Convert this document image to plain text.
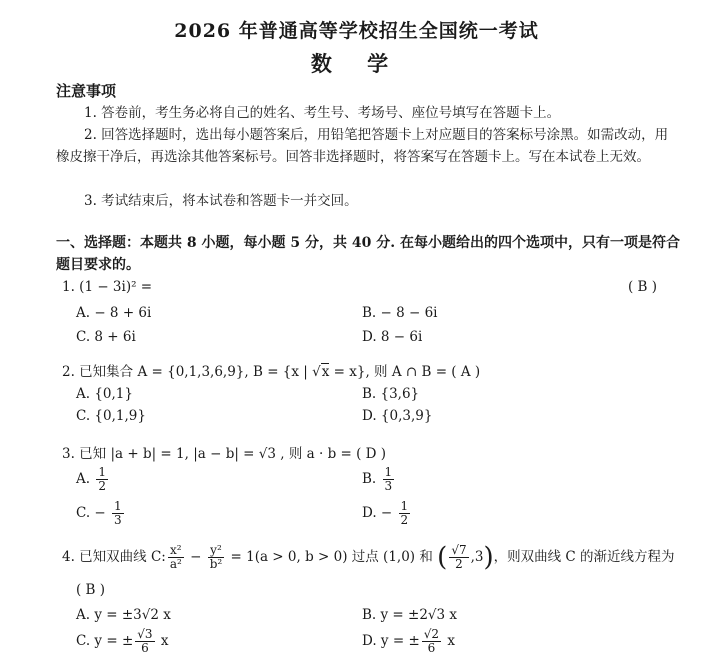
2026 年普通高等学校招生全国统一考试
数 学
注意事项
1. 答卷前，考生务必将自己的姓名、考生号、考场号、座位号填写在答题卡上。
2. 回答选择题时，选出每小题答案后，用铅笔把答题卡上对应题目的答案标号涂黑。如需改动，用橡皮擦干净后，再选涂其他答案标号。回答非选择题时，将答案写在答题卡上。写在本试卷上无效。
3. 考试结束后，将本试卷和答题卡一并交回。
一、选择题：本题共 8 小题，每小题 5 分，共 40 分. 在每小题给出的四个选项中，只有一项是符合题目要求的。
1. (1 − 3i)² =	( B )
A. − 8 + 6i	B. − 8 − 6i
C. 8 + 6i	D. 8 − 6i
2. 已知集合 A = {0,1,3,6,9}, B = {x | √x = x}, 则 A ∩ B = ( A )
A. {0,1}	B. {3,6}
C. {0,1,9}	D. {0,3,9}
3. 已知 |a + b| = 1, |a − b| = √3 , 则 a · b = ( D )
A. $\frac{1}{2}$	B. $\frac{1}{3}$
C. − $\frac{1}{3}$	D. − $\frac{1}{2}$
4. 已知双曲线 C: $\frac{\text{x²}}{\text{a²}} - \frac{\text{y²}}{\text{b²}} = 1(a > 0$, b > 0) 过点 (1,0) 和 ( $\frac{√7}{2} ,3$)，则双曲线 C 的渐近线方程为
( B )
A. y = ±3√2 x	B. y = ±2√3 x
C. y = ± $\frac{√3}{6}$ x	D. y = ± $\frac{√2}{6}$ x
